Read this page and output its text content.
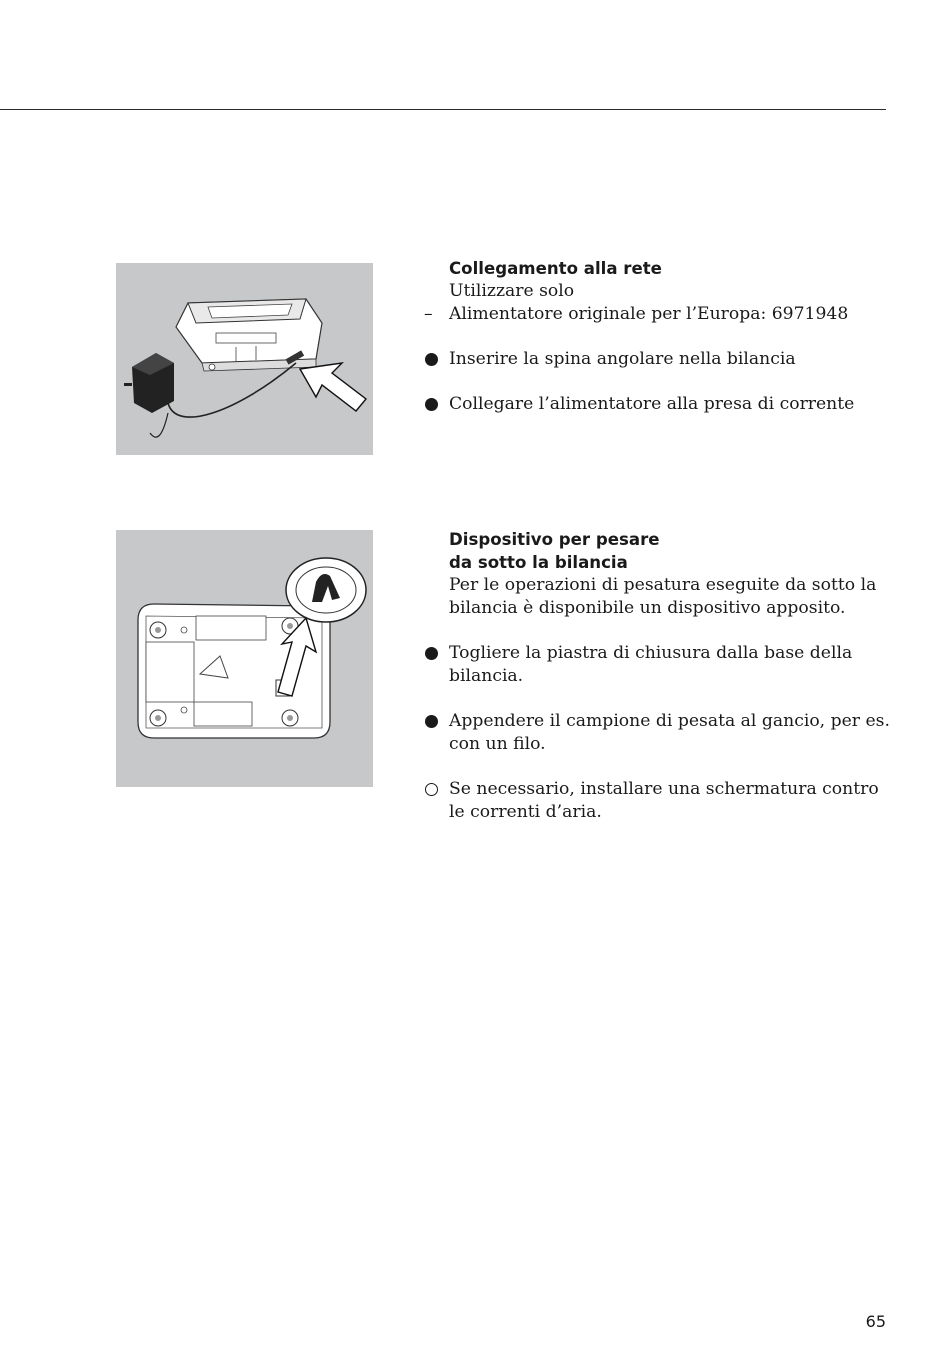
Collegamento alla rete
Utilizzare solo
– Alimentatore originale per l’Europa: 6971948
Inserire la spina angolare nella bilancia
Collegare l’alimentatore alla presa di corrente
Dispositivo per pesare
da sotto la bilancia
Per le operazioni di pesatura eseguite da sotto la
bilancia è disponibile un dispositivo apposito.
Togliere la piastra di chiusura dalla base della
bilancia.
Appendere il campione di pesata al gancio, per es.
con un filo.
Se necessario, installare una schermatura contro
le correnti d’aria.
65
